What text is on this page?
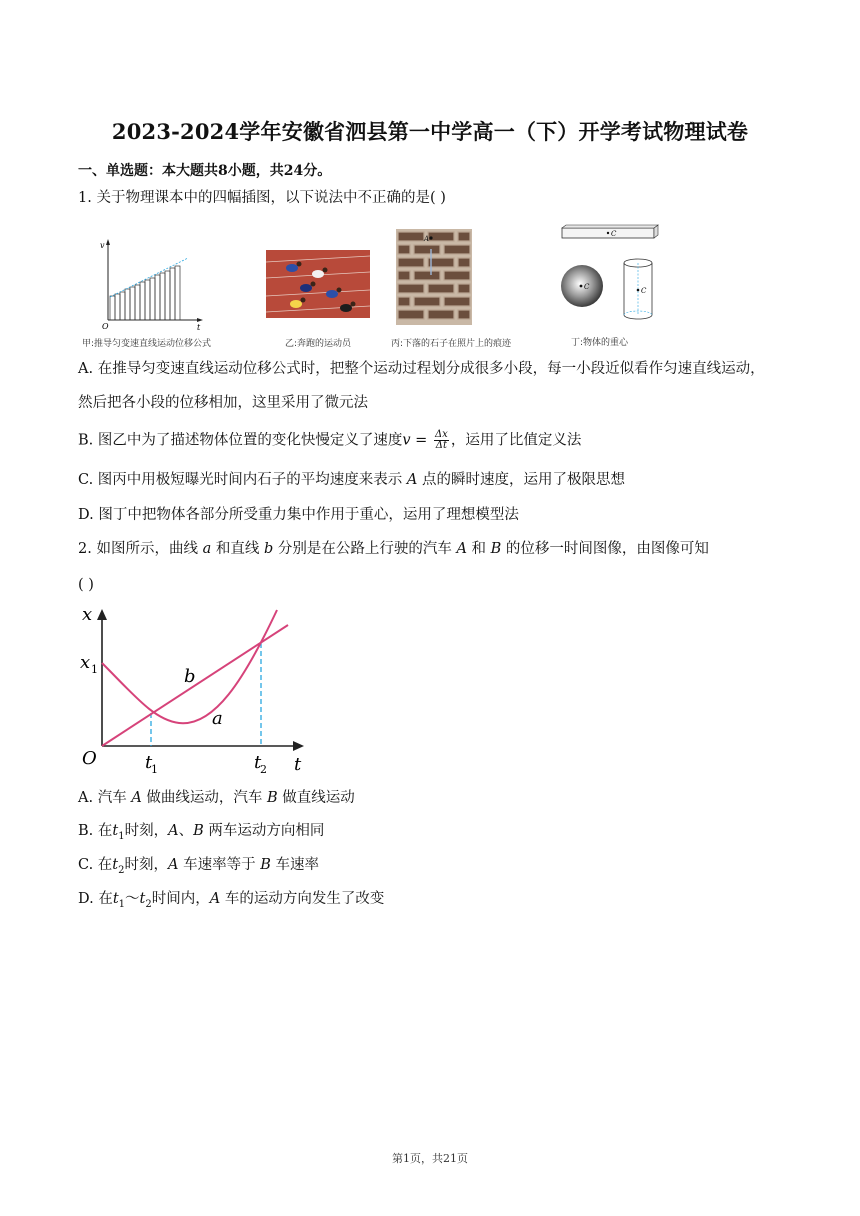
2023-2024学年安徽省泗县第一中学高一（下）开学考试物理试卷
一、单选题：本大题共8小题，共24分。
1. 关于物理课本中的四幅插图，以下说法中不正确的是( )
v
t
O
甲:推导匀变速直线运动位移公式	乙:奔跑的运动员
A
丙:下落的石子在照片上的痕迹
C
C	C
丁:物体的重心
A. 在推导匀变速直线运动位移公式时，把整个运动过程划分成很多小段，每一小段近似看作匀速直线运动，
然后把各小段的位移相加，这里采用了微元法
B. 图乙中为了描述物体位置的变化快慢定义了速度$v = \frac{\Delta x}{\Delta t}$ ，运用了比值定义法
C. 图丙中用极短曝光时间内石子的平均速度来表示 A 点的瞬时速度，运用了极限思想
D. 图丁中把物体各部分所受重力集中作用于重心，运用了理想模型法
2. 如图所示，曲线 a 和直线 b 分别是在公路上行驶的汽车 A 和 B 的位移一时间图像，由图像可知
( )
x
t
O
x 1
t
1	t
2
b
a
A. 汽车 A 做曲线运动，汽车 B 做直线运动
B. 在$t_1$时刻，A、B 两车运动方向相同
C. 在$t_2$时刻，A 车速率等于 B 车速率
D. 在$t_1\sim t_2$时间内，A 车的运动方向发生了改变
第1页，共21页
